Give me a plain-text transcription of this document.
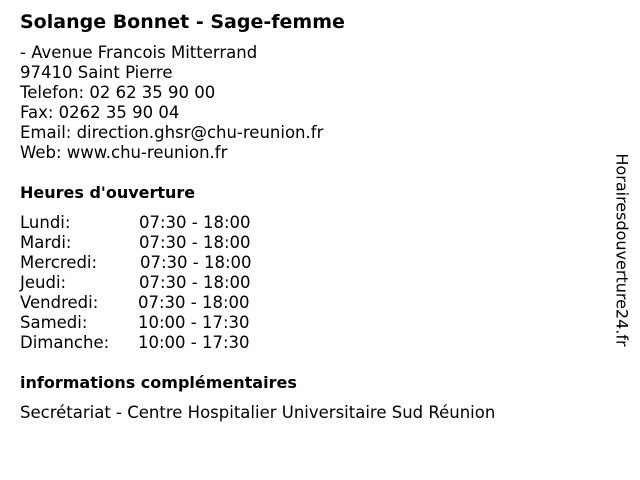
Solange Bonnet - Sage-femme
- Avenue Francois Mitterrand
97410 Saint Pierre
Telefon: 02 62 35 90 00
Fax: 0262 35 90 04
Email: direction.ghsr@chu-reunion.fr
Web: www.chu-reunion.fr
Heures d'ouverture
Lundi:	07:30 - 18:00
Mardi:	07:30 - 18:00
Mercredi:	07:30 - 18:00
Jeudi:	07:30 - 18:00
Vendredi: 07:30 - 18:00
Samedi:	10:00 - 17:30
Dimanche: 10:00 - 17:30
informations complémentaires
Secrétariat - Centre Hospitalier Universitaire Sud Réunion
Horairesdouverture24.fr
